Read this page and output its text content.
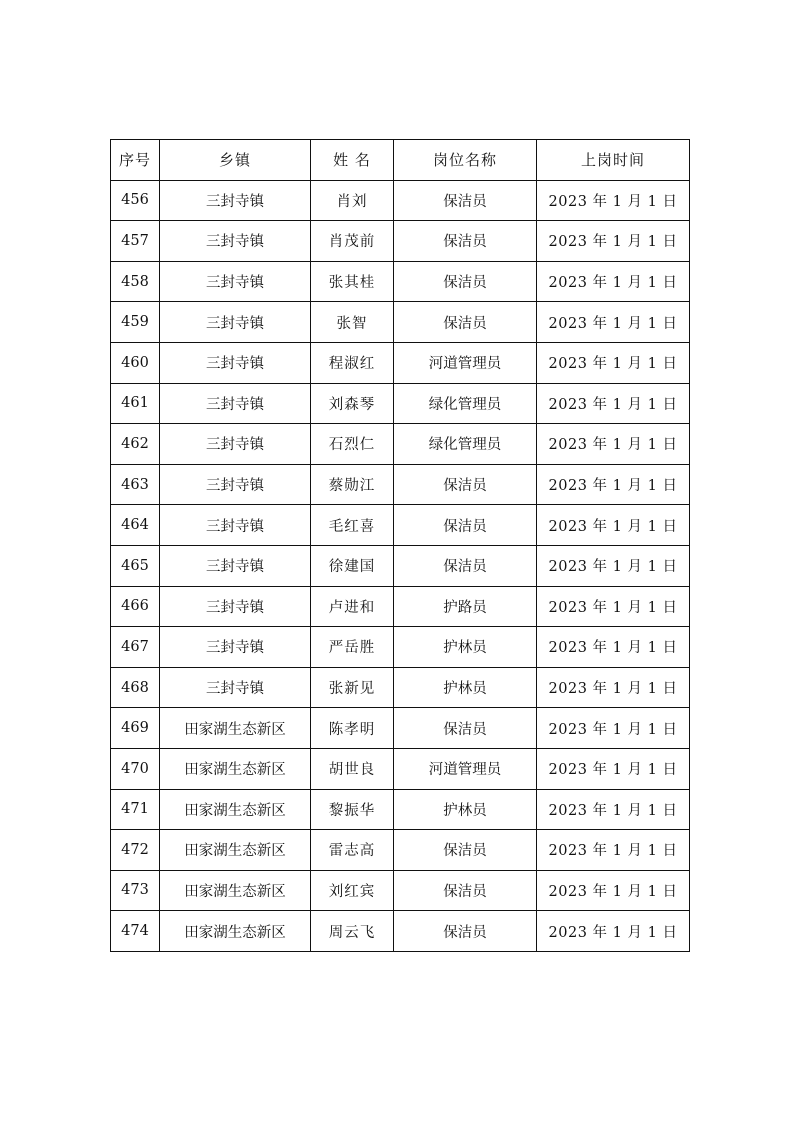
序号	乡镇	姓 名	岗位名称	上岗时间
456	三封寺镇	肖刘	保洁员	2023 年 1 月 1 日
457	三封寺镇	肖茂前	保洁员	2023 年 1 月 1 日
458	三封寺镇	张其桂	保洁员	2023 年 1 月 1 日
459	三封寺镇	张智	保洁员	2023 年 1 月 1 日
460	三封寺镇	程淑红	河道管理员	2023 年 1 月 1 日
461	三封寺镇	刘森琴	绿化管理员	2023 年 1 月 1 日
462	三封寺镇	石烈仁	绿化管理员	2023 年 1 月 1 日
463	三封寺镇	蔡勋江	保洁员	2023 年 1 月 1 日
464	三封寺镇	毛红喜	保洁员	2023 年 1 月 1 日
465	三封寺镇	徐建国	保洁员	2023 年 1 月 1 日
466	三封寺镇	卢进和	护路员	2023 年 1 月 1 日
467	三封寺镇	严岳胜	护林员	2023 年 1 月 1 日
468	三封寺镇	张新见	护林员	2023 年 1 月 1 日
469	田家湖生态新区	陈孝明	保洁员	2023 年 1 月 1 日
470	田家湖生态新区	胡世良	河道管理员	2023 年 1 月 1 日
471	田家湖生态新区	黎振华	护林员	2023 年 1 月 1 日
472	田家湖生态新区	雷志高	保洁员	2023 年 1 月 1 日
473	田家湖生态新区	刘红宾	保洁员	2023 年 1 月 1 日
474	田家湖生态新区	周云飞	保洁员	2023 年 1 月 1 日
